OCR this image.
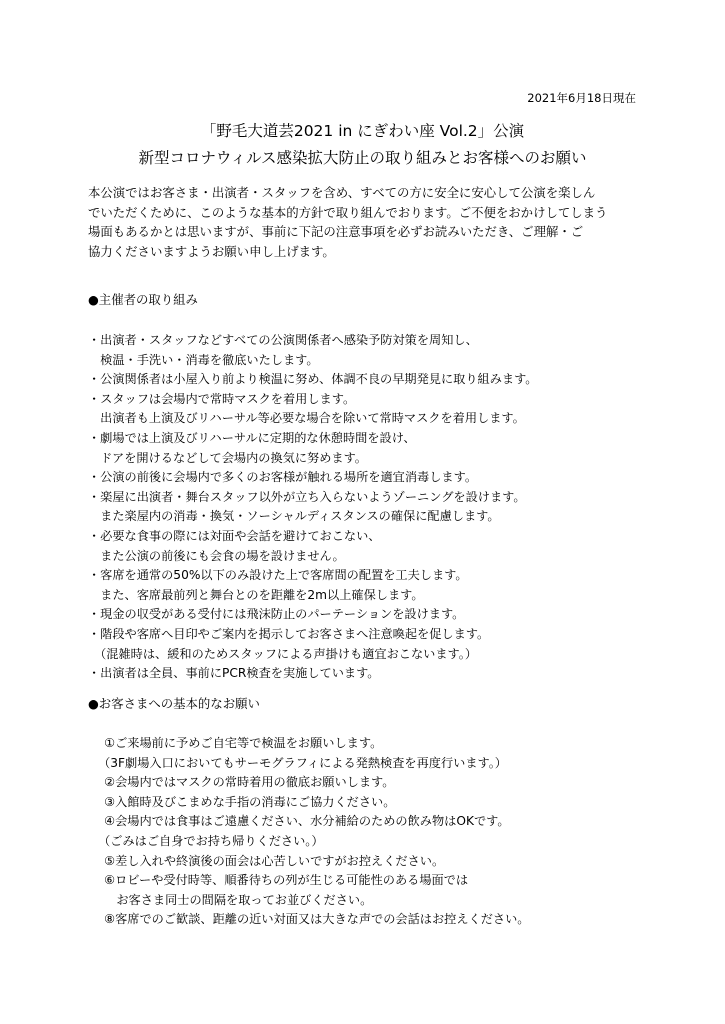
2021年6月18日現在
「野毛大道芸2021 in にぎわい座 Vol.2」公演
新型コロナウィルス感染拡大防止の取り組みとお客様へのお願い

本公演ではお客さま・出演者・スタッフを含め、すべての方に安全に安心して公演を楽しん

でいただくために、このような基本的方針で取り組んでおります。ご不便をおかけしてしまう

場面もあるかとは思いますが、事前に下記の注意事項を必ずお読みいただき、ご理解・ご

協力くださいますようお願い申し上げます。

●主催者の取り組み
・出演者・スタッフなどすべての公演関係者へ感染予防対策を周知し、
　検温・手洗い・消毒を徹底いたします。
・公演関係者は小屋入り前より検温に努め、体調不良の早期発見に取り組みます。
・スタッフは会場内で常時マスクを着用します。
　出演者も上演及びリハーサル等必要な場合を除いて常時マスクを着用します。
・劇場では上演及びリハーサルに定期的な休憩時間を設け、
　ドアを開けるなどして会場内の換気に努めます。
・公演の前後に会場内で多くのお客様が触れる場所を適宜消毒します。
・楽屋に出演者・舞台スタッフ以外が立ち入らないようゾーニングを設けます。
　また楽屋内の消毒・換気・ソーシャルディスタンスの確保に配慮します。
・必要な食事の際には対面や会話を避けておこない、
　また公演の前後にも会食の場を設けません。
・客席を通常の50%以下のみ設けた上で客席間の配置を工夫します。
　また、客席最前列と舞台とのを距離を2m以上確保します。
・現金の収受がある受付には飛沫防止のパーテーションを設けます。
・階段や客席へ目印やご案内を掲示してお客さまへ注意喚起を促します。
　（混雑時は、緩和のためスタッフによる声掛けも適宜おこないます。）
・出演者は全員、事前にPCR検査を実施しています。
●お客さまへの基本的なお願い
　①ご来場前に予めご自宅等で検温をお願いします。
　（3F劇場入口においてもサーモグラフィによる発熱検査を再度行います。）
　②会場内ではマスクの常時着用の徹底お願いします。
　③入館時及びこまめな手指の消毒にご協力ください。
　④会場内では食事はご遠慮ください、水分補給のための飲み物はOKです。
　（ごみはご自身でお持ち帰りください。）
　⑤差し入れや終演後の面会は心苦しいですがお控えください。
　⑥ロビーや受付時等、順番待ちの列が生じる可能性のある場面では
　　お客さま同士の間隔を取ってお並びください。
　⑧客席でのご歓談、距離の近い対面又は大きな声での会話はお控えください。
